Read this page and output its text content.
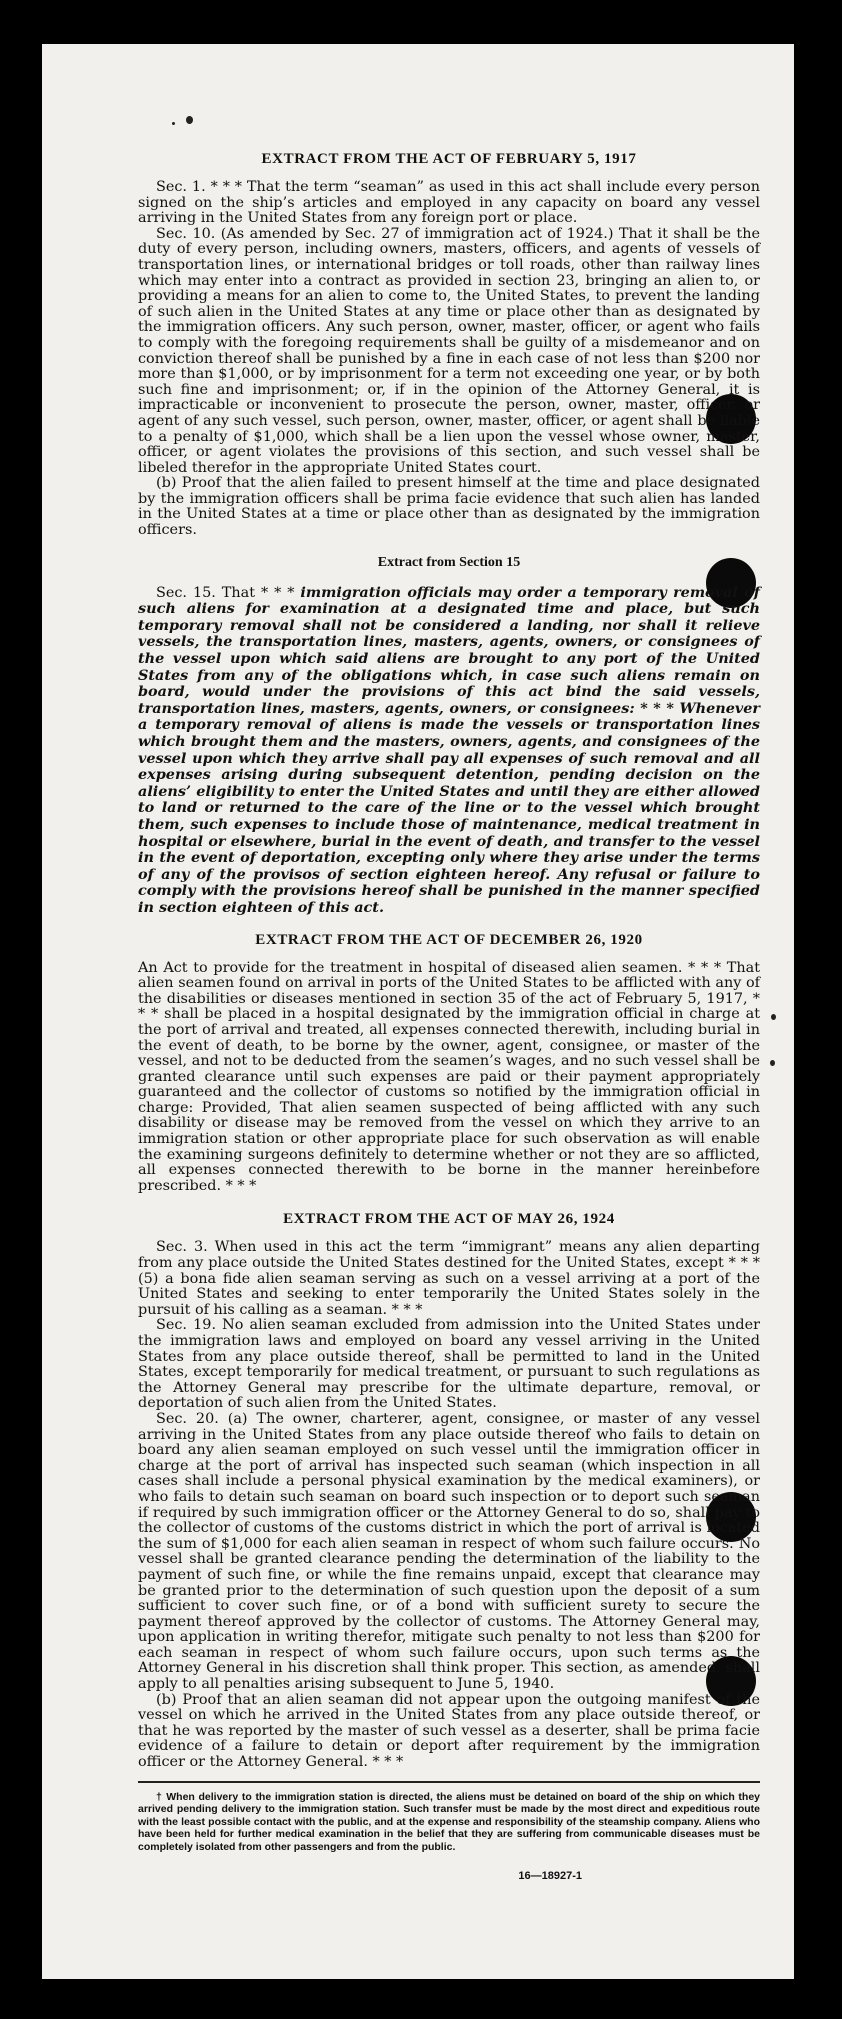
EXTRACT FROM THE ACT OF FEBRUARY 5, 1917

Sec. 1. * * * That the term “seaman” as used in this act shall include every person signed on the ship’s articles and employed in any capacity on board any vessel arriving in the United States from any foreign port or place.

Sec. 10. (As amended by Sec. 27 of immigration act of 1924.) That it shall be the duty of every person, including owners, masters, officers, and agents of vessels of transportation lines, or international bridges or toll roads, other than railway lines which may enter into a contract as provided in section 23, bringing an alien to, or providing a means for an alien to come to, the United States, to prevent the landing of such alien in the United States at any time or place other than as designated by the immigration officers. Any such person, owner, master, officer, or agent who fails to comply with the foregoing requirements shall be guilty of a misdemeanor and on conviction thereof shall be punished by a fine in each case of not less than $200 nor more than $1,000, or by imprisonment for a term not exceeding one year, or by both such fine and imprisonment; or, if in the opinion of the Attorney General, it is impracticable or inconvenient to prosecute the person, owner, master, officer, or agent of any such vessel, such person, owner, master, officer, or agent shall be liable to a penalty of $1,000, which shall be a lien upon the vessel whose owner, master, officer, or agent violates the provisions of this section, and such vessel shall be libeled therefor in the appropriate United States court.

(b) Proof that the alien failed to present himself at the time and place designated by the immigration officers shall be prima facie evidence that such alien has landed in the United States at a time or place other than as designated by the immigration officers.

Extract from Section 15

Sec. 15. That * * * immigration officials may order a temporary removal of such aliens for examination at a designated time and place, but such temporary removal shall not be considered a landing, nor shall it relieve vessels, the transportation lines, masters, agents, owners, or consignees of the vessel upon which said aliens are brought to any port of the United States from any of the obligations which, in case such aliens remain on board, would under the provisions of this act bind the said vessels, transportation lines, masters, agents, owners, or consignees: * * * Whenever a temporary removal of aliens is made the vessels or transportation lines which brought them and the masters, owners, agents, and consignees of the vessel upon which they arrive shall pay all expenses of such removal and all expenses arising during subsequent detention, pending decision on the aliens’ eligibility to enter the United States and until they are either allowed to land or returned to the care of the line or to the vessel which brought them, such expenses to include those of maintenance, medical treatment in hospital or elsewhere, burial in the event of death, and transfer to the vessel in the event of deportation, excepting only where they arise under the terms of any of the provisos of section eighteen hereof. Any refusal or failure to comply with the provisions hereof shall be punished in the manner specified in section eighteen of this act.

EXTRACT FROM THE ACT OF DECEMBER 26, 1920

An Act to provide for the treatment in hospital of diseased alien seamen. * * * That alien seamen found on arrival in ports of the United States to be afflicted with any of the disabilities or diseases mentioned in section 35 of the act of February 5, 1917, * * * shall be placed in a hospital designated by the immigration official in charge at the port of arrival and treated, all expenses connected therewith, including burial in the event of death, to be borne by the owner, agent, consignee, or master of the vessel, and not to be deducted from the seamen’s wages, and no such vessel shall be granted clearance until such expenses are paid or their payment appropriately guaranteed and the collector of customs so notified by the immigration official in charge: Provided, That alien seamen suspected of being afflicted with any such disability or disease may be removed from the vessel on which they arrive to an immigration station or other appropriate place for such observation as will enable the examining surgeons definitely to determine whether or not they are so afflicted, all expenses connected therewith to be borne in the manner hereinbefore prescribed. * * *

EXTRACT FROM THE ACT OF MAY 26, 1924

Sec. 3. When used in this act the term “immigrant” means any alien departing from any place outside the United States destined for the United States, except * * * (5) a bona fide alien seaman serving as such on a vessel arriving at a port of the United States and seeking to enter temporarily the United States solely in the pursuit of his calling as a seaman. * * *

Sec. 19. No alien seaman excluded from admission into the United States under the immigration laws and employed on board any vessel arriving in the United States from any place outside thereof, shall be permitted to land in the United States, except temporarily for medical treatment, or pursuant to such regulations as the Attorney General may prescribe for the ultimate departure, removal, or deportation of such alien from the United States.

Sec. 20. (a) The owner, charterer, agent, consignee, or master of any vessel arriving in the United States from any place outside thereof who fails to detain on board any alien seaman employed on such vessel until the immigration officer in charge at the port of arrival has inspected such seaman (which inspection in all cases shall include a personal physical examination by the medical examiners), or who fails to detain such seaman on board such inspection or to deport such seaman if required by such immigration officer or the Attorney General to do so, shall pay to the collector of customs of the customs district in which the port of arrival is located the sum of $1,000 for each alien seaman in respect of whom such failure occurs. No vessel shall be granted clearance pending the determination of the liability to the payment of such fine, or while the fine remains unpaid, except that clearance may be granted prior to the determination of such question upon the deposit of a sum sufficient to cover such fine, or of a bond with sufficient surety to secure the payment thereof approved by the collector of customs. The Attorney General may, upon application in writing therefor, mitigate such penalty to not less than $200 for each seaman in respect of whom such failure occurs, upon such terms as the Attorney General in his discretion shall think proper. This section, as amended, shall apply to all penalties arising subsequent to June 5, 1940.

(b) Proof that an alien seaman did not appear upon the outgoing manifest of the vessel on which he arrived in the United States from any place outside thereof, or that he was reported by the master of such vessel as a deserter, shall be prima facie evidence of a failure to detain or deport after requirement by the immigration officer or the Attorney General. * * *

† When delivery to the immigration station is directed, the aliens must be detained on board of the ship on which they arrived pending delivery to the immigration station. Such transfer must be made by the most direct and expeditious route with the least possible contact with the public, and at the expense and responsibility of the steamship company. Aliens who have been held for further medical examination in the belief that they are suffering from communicable diseases must be completely isolated from other passengers and from the public.

16—18927-1
